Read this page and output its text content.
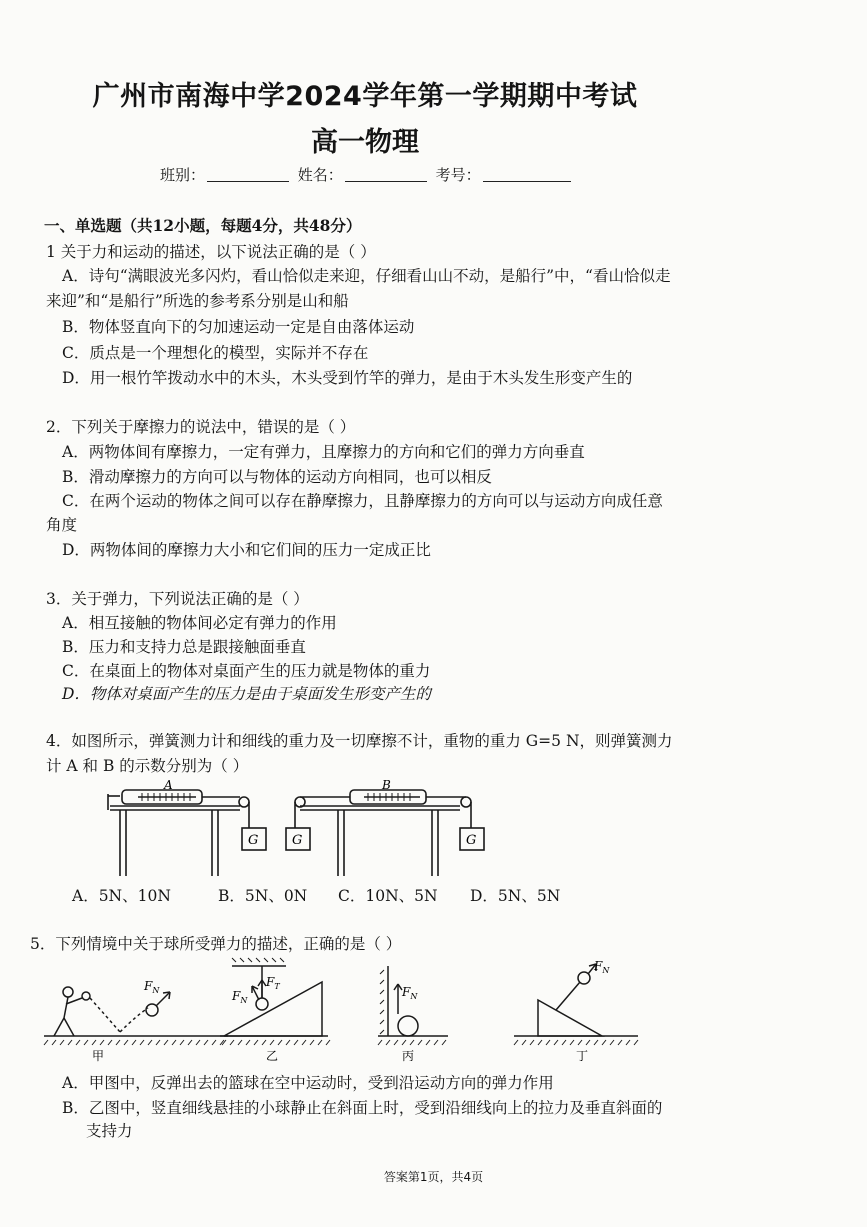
广州市南海中学2024学年第一学期期中考试
高一物理
班别：	姓名：	考号：
一、单选题（共12小题，每题4分，共48分）
1 关于力和运动的描述，以下说法正确的是（ ）
A．诗句“满眼波光多闪灼，看山恰似走来迎，仔细看山山不动，是船行”中，“看山恰似走
来迎”和“是船行”所选的参考系分别是山和船
B．物体竖直向下的匀加速运动一定是自由落体运动
C．质点是一个理想化的模型，实际并不存在
D．用一根竹竿拨动水中的木头，木头受到竹竿的弹力，是由于木头发生形变产生的
2．下列关于摩擦力的说法中，错误的是（ ）
A．两物体间有摩擦力，一定有弹力，且摩擦力的方向和它们的弹力方向垂直
B．滑动摩擦力的方向可以与物体的运动方向相同，也可以相反
C．在两个运动的物体之间可以存在静摩擦力，且静摩擦力的方向可以与运动方向成任意
角度
D．两物体间的摩擦力大小和它们间的压力一定成正比
3．关于弹力，下列说法正确的是（ ）
A．相互接触的物体间必定有弹力的作用
B．压力和支持力总是跟接触面垂直
C．在桌面上的物体对桌面产生的压力就是物体的重力
D．物体对桌面产生的压力是由于桌面发生形变产生的
4．如图所示，弹簧测力计和细线的重力及一切摩擦不计，重物的重力 G=5 N，则弹簧测力
计 A 和 B 的示数分别为（ ）
A	B
G	G	G
A．5N、10N	B．5N、0N C．10N、5N D．5N、5N
5．下列情境中关于球所受弹力的描述，正确的是（ ）
$F_N$	$F_N$
$F_T$	$F_N$
$F_N$
甲	乙	丙	丁
A．甲图中，反弹出去的篮球在空中运动时，受到沿运动方向的弹力作用
B．乙图中，竖直细线悬挂的小球静止在斜面上时，受到沿细线向上的拉力及垂直斜面的
支持力
答案第1页，共4页
